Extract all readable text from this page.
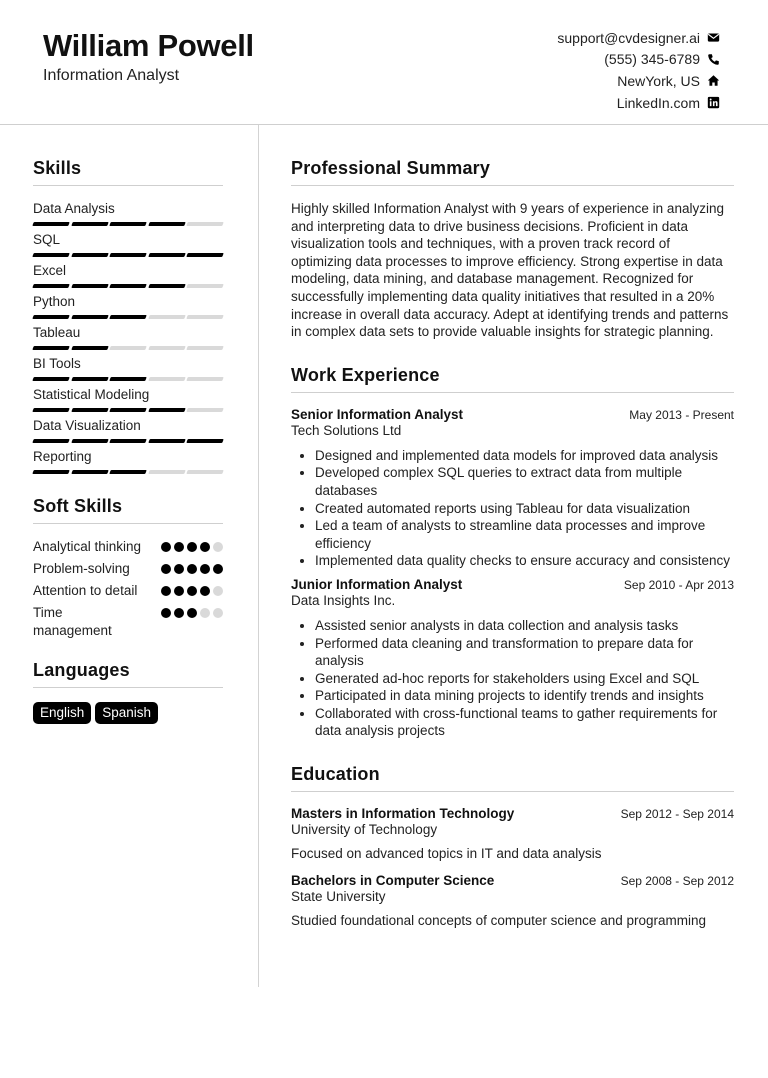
William Powell
Information Analyst
support@cvdesigner.ai
(555) 345-6789
NewYork, US
LinkedIn.com
Skills
Data Analysis
SQL
Excel
Python
Tableau
BI Tools
Statistical Modeling
Data Visualization
Reporting
Soft Skills
Analytical thinking
Problem-solving
Attention to detail
Time management
Languages
English	Spanish
Professional Summary

Highly skilled Information Analyst with 9 years of experience in analyzing and interpreting data to drive business decisions. Proficient in data visualization tools and techniques, with a proven track record of optimizing data processes to improve efficiency. Strong expertise in data modeling, data mining, and database management. Recognized for successfully implementing data quality initiatives that resulted in a 20% increase in overall data accuracy. Adept at identifying trends and patterns in complex data sets to provide valuable insights for strategic planning.

Work Experience
Senior Information Analyst	May 2013 - Present
Tech Solutions Ltd
• Designed and implemented data models for improved data analysis
• Developed complex SQL queries to extract data from multiple databases
• Created automated reports using Tableau for data visualization
• Led a team of analysts to streamline data processes and improve efficiency
• Implemented data quality checks to ensure accuracy and consistency
Junior Information Analyst	Sep 2010 - Apr 2013
Data Insights Inc.
• Assisted senior analysts in data collection and analysis tasks
• Performed data cleaning and transformation to prepare data for analysis
• Generated ad-hoc reports for stakeholders using Excel and SQL
• Participated in data mining projects to identify trends and insights
• Collaborated with cross-functional teams to gather requirements for data analysis projects
Education
Masters in Information Technology	Sep 2012 - Sep 2014
University of Technology
Focused on advanced topics in IT and data analysis
Bachelors in Computer Science	Sep 2008 - Sep 2012
State University
Studied foundational concepts of computer science and programming
